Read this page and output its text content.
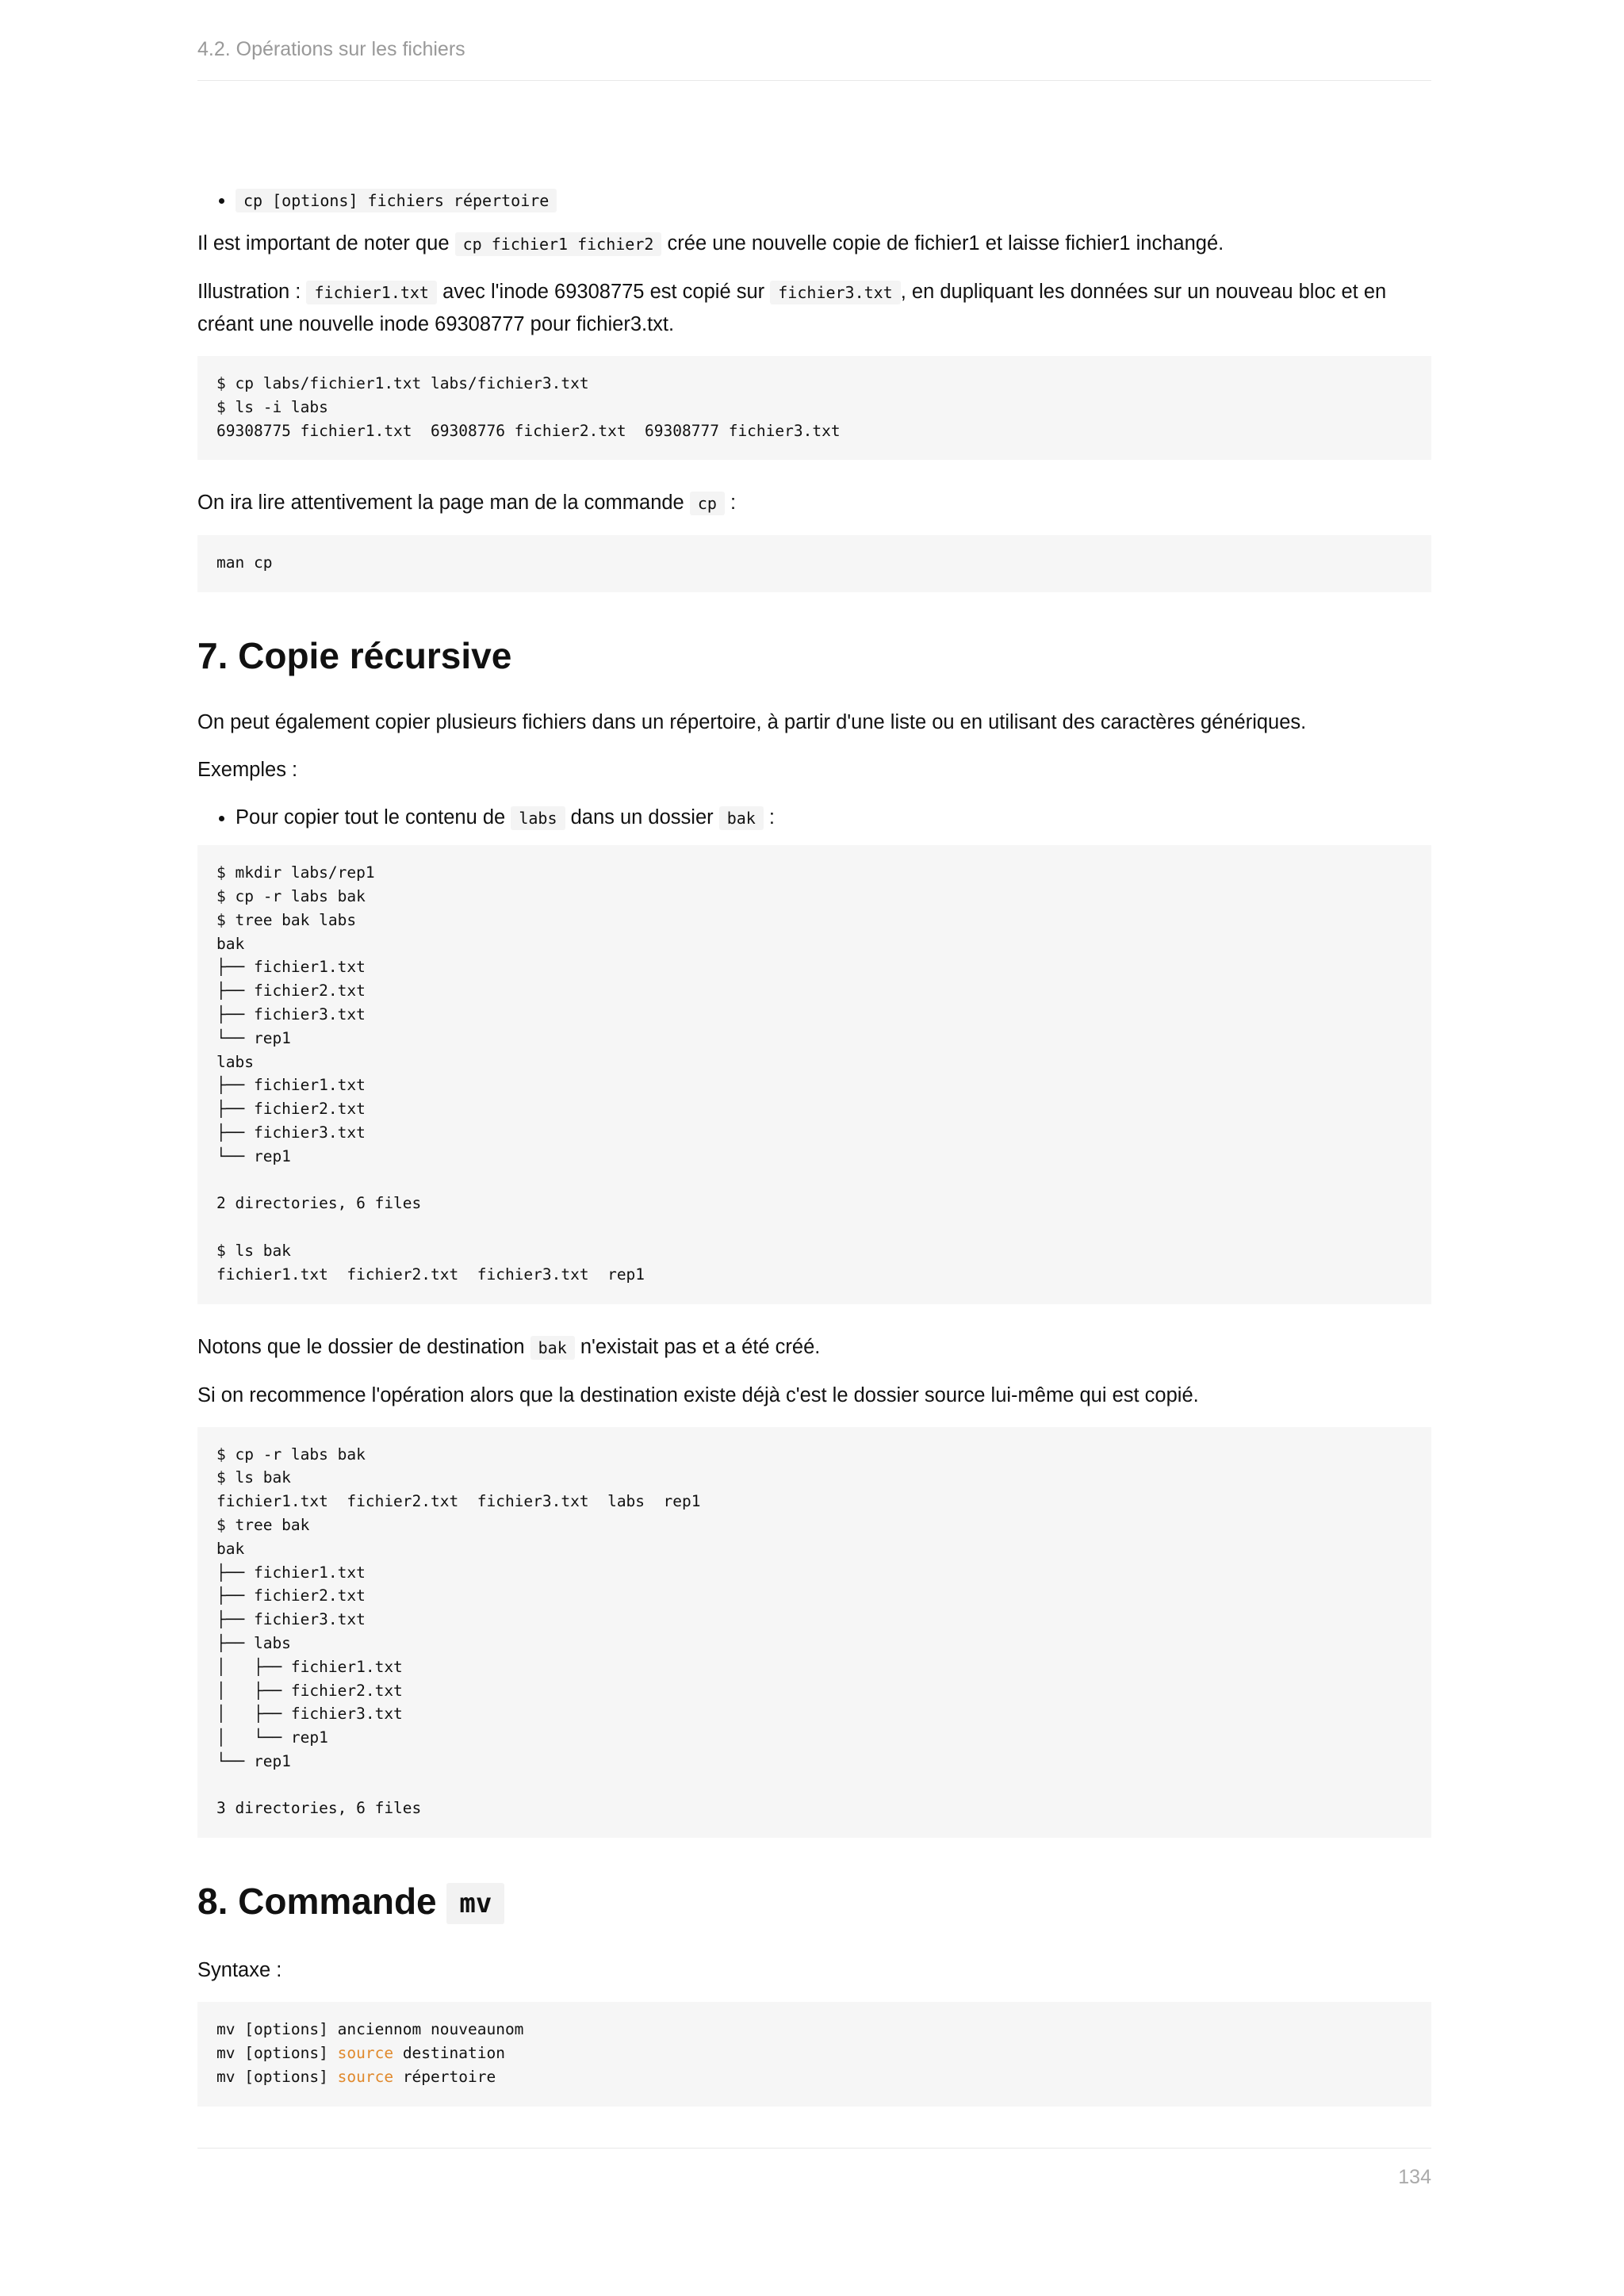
4.2. Opérations sur les fichiers
• cp [options] fichiers répertoire

Il est important de noter que cp fichier1 fichier2 crée une nouvelle copie de fichier1 et laisse fichier1 inchangé.

Illustration : fichier1.txt avec l'inode 69308775 est copié sur fichier3.txt , en dupliquant les données sur un nouveau bloc et en créant une nouvelle inode 69308777 pour fichier3.txt.

$ cp labs/fichier1.txt labs/fichier3.txt
$ ls -i labs
69308775 fichier1.txt  69308776 fichier2.txt  69308777 fichier3.txt

On ira lire attentivement la page man de la commande cp :

man cp
7. Copie récursive

On peut également copier plusieurs fichiers dans un répertoire, à partir d'une liste ou en utilisant des caractères génériques.

Exemples :

• Pour copier tout le contenu de labs dans un dossier bak :
$ mkdir labs/rep1
$ cp -r labs bak
$ tree bak labs
bak
├── fichier1.txt
├── fichier2.txt
├── fichier3.txt
└── rep1
labs
├── fichier1.txt
├── fichier2.txt
├── fichier3.txt
└── rep1

2 directories, 6 files

$ ls bak
fichier1.txt  fichier2.txt  fichier3.txt  rep1

Notons que le dossier de destination bak n'existait pas et a été créé.

Si on recommence l'opération alors que la destination existe déjà c'est le dossier source lui-même qui est copié.

$ cp -r labs bak
$ ls bak
fichier1.txt  fichier2.txt  fichier3.txt  labs  rep1
$ tree bak
bak
├── fichier1.txt
├── fichier2.txt
├── fichier3.txt
├── labs
│   ├── fichier1.txt
│   ├── fichier2.txt
│   ├── fichier3.txt
│   └── rep1
└── rep1

3 directories, 6 files
8. Commande mv

Syntaxe :

mv [options] anciennom nouveaunom
mv [options] source destination
mv [options] source répertoire
134
